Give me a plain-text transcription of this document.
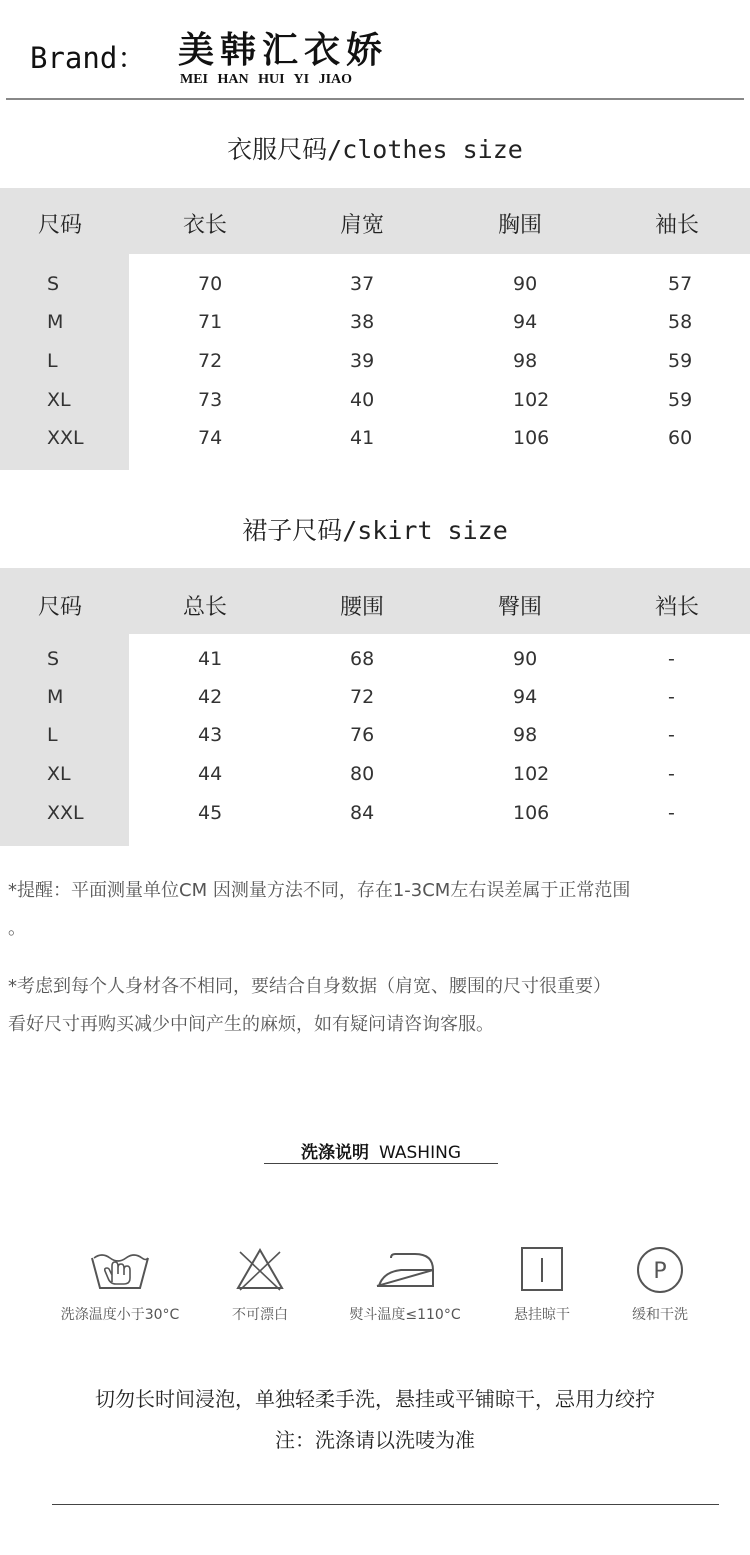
Brand： 美韩汇衣娇
MEI HAN HUI YI JIAO
衣服尺码/clothes size
尺码	衣长	肩宽	胸围	袖长
S	70	37	90	57
M	71	38	94	58
L	72	39	98	59
XL	73	40	102	59
XXL	74	41	106	60
裙子尺码/skirt size
尺码	总长	腰围	臀围	裆长
S	41	68	90	-
M	42	72	94	-
L	43	76	98	-
XL	44	80	102	-
XXL	45	84	106	-
*提醒：平面测量单位CM 因测量方法不同，存在1-3CM左右误差属于正常范围
。
*考虑到每个人身材各不相同，要结合自身数据（肩宽、腰围的尺寸很重要）
看好尺寸再购买减少中间产生的麻烦，如有疑问请咨询客服。
洗涤说明 WASHING
洗涤温度小于30°C	不可漂白	熨斗温度≤110°C	悬挂晾干
P
缓和干洗
切勿长时间浸泡，单独轻柔手洗，悬挂或平铺晾干，忌用力绞拧
注：洗涤请以洗唛为准
